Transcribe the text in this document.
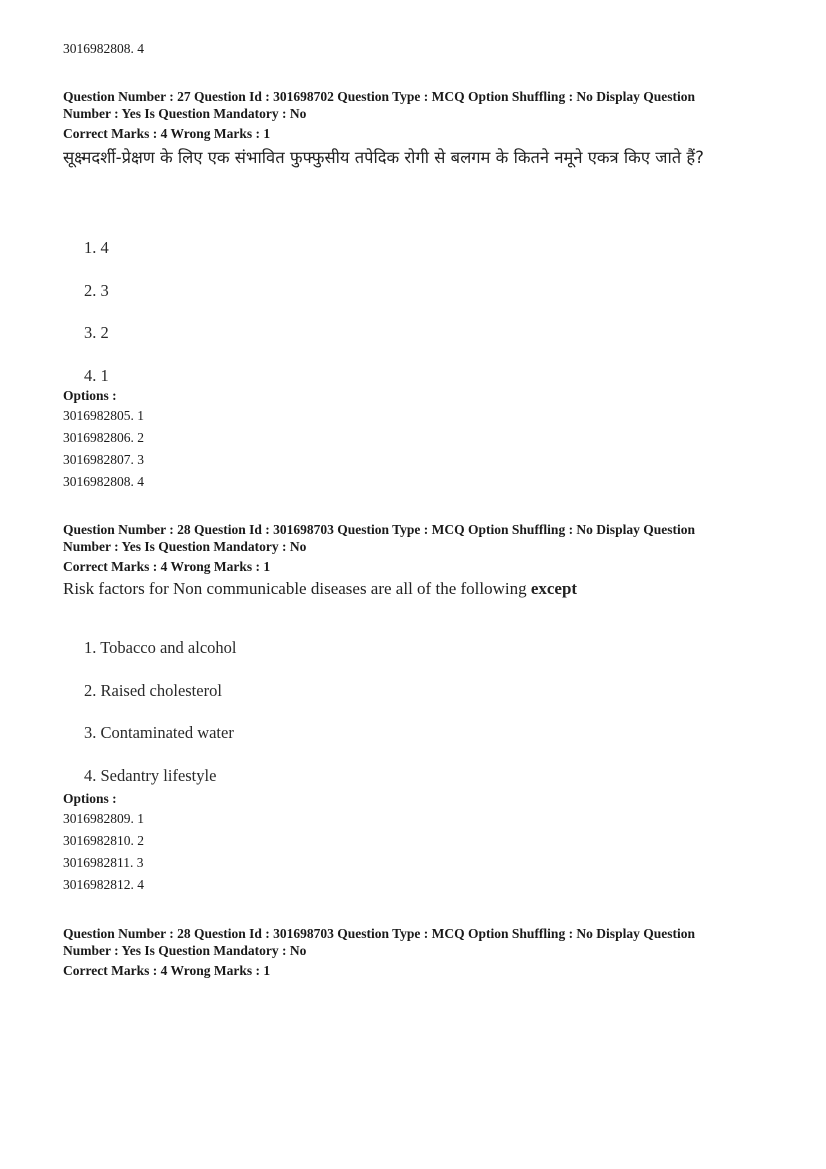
3016982808. 4
Question Number : 27 Question Id : 301698702 Question Type : MCQ Option Shuffling : No Display Question
Number : Yes Is Question Mandatory : No
Correct Marks : 4 Wrong Marks : 1
सूक्ष्मदर्शी-प्रेक्षण के लिए एक संभावित फुफ्फुसीय तपेदिक रोगी से बलगम के कितने नमूने एकत्र किए जाते हैं?
1. 4
2. 3
3. 2
4. 1
Options :
3016982805. 1
3016982806. 2
3016982807. 3
3016982808. 4
Question Number : 28 Question Id : 301698703 Question Type : MCQ Option Shuffling : No Display Question
Number : Yes Is Question Mandatory : No
Correct Marks : 4 Wrong Marks : 1
Risk factors for Non communicable diseases are all of the following except
1. Tobacco and alcohol
2. Raised cholesterol
3. Contaminated water
4. Sedantry lifestyle
Options :
3016982809. 1
3016982810. 2
3016982811. 3
3016982812. 4
Question Number : 28 Question Id : 301698703 Question Type : MCQ Option Shuffling : No Display Question
Number : Yes Is Question Mandatory : No
Correct Marks : 4 Wrong Marks : 1
